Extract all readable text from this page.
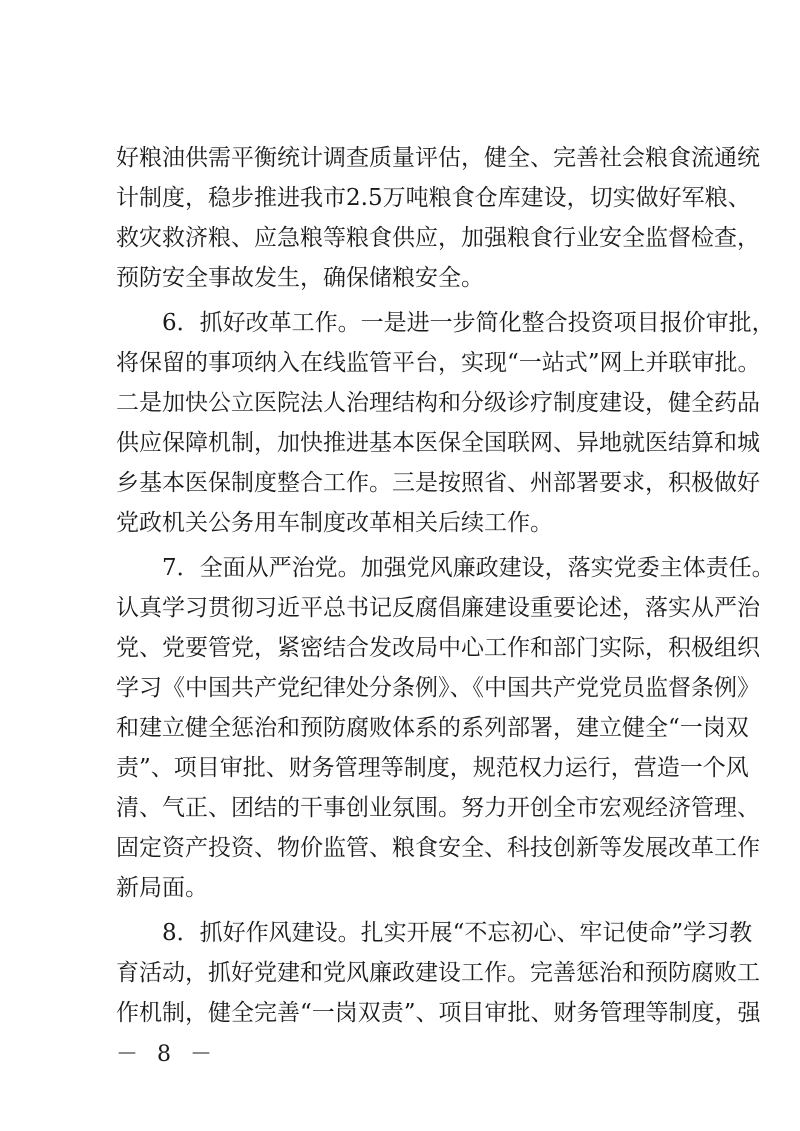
好粮油供需平衡统计调查质量评估，健全、完善社会粮食流通统
计制度，稳步推进我市2.5万吨粮食仓库建设，切实做好军粮、
救灾救济粮、应急粮等粮食供应，加强粮食行业安全监督检查，
预防安全事故发生，确保储粮安全。
6．抓好改革工作。一是进一步简化整合投资项目报价审批，
将保留的事项纳入在线监管平台，实现“一站式”网上并联审批。
二是加快公立医院法人治理结构和分级诊疗制度建设，健全药品
供应保障机制，加快推进基本医保全国联网、异地就医结算和城
乡基本医保制度整合工作。三是按照省、州部署要求，积极做好
党政机关公务用车制度改革相关后续工作。
7．全面从严治党。加强党风廉政建设，落实党委主体责任。
认真学习贯彻习近平总书记反腐倡廉建设重要论述，落实从严治
党、党要管党，紧密结合发改局中心工作和部门实际，积极组织
学习《中国共产党纪律处分条例》、《中国共产党党员监督条例》
和建立健全惩治和预防腐败体系的系列部署，建立健全“一岗双
责”、项目审批、财务管理等制度，规范权力运行，营造一个风
清、气正、团结的干事创业氛围。努力开创全市宏观经济管理、
固定资产投资、物价监管、粮食安全、科技创新等发展改革工作
新局面。
8．抓好作风建设。扎实开展“不忘初心、牢记使命”学习教
育活动，抓好党建和党风廉政建设工作。完善惩治和预防腐败工
作机制，健全完善“一岗双责”、项目审批、财务管理等制度，强
－ 8 －
